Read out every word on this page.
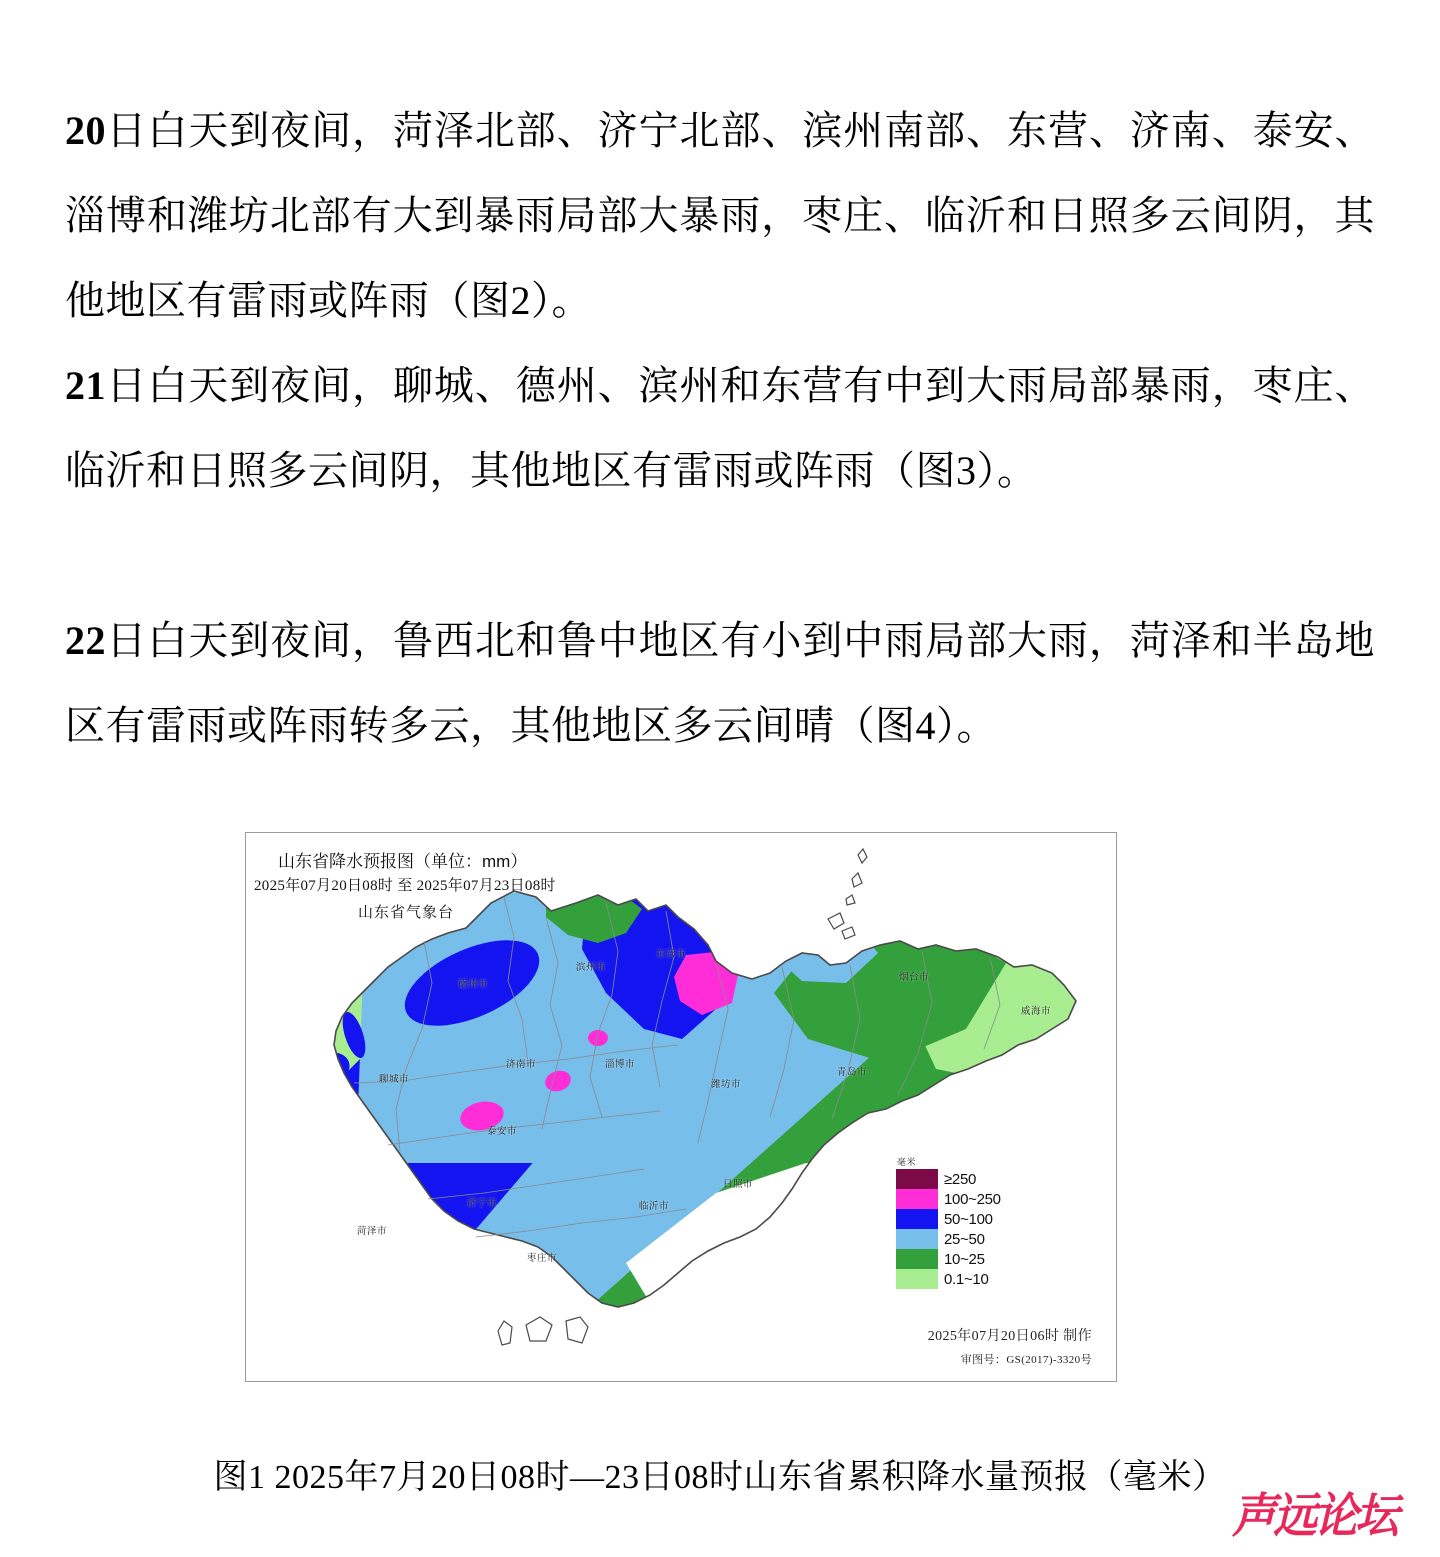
20日白天到夜间，菏泽北部、济宁北部、滨州南部、东营、济南、泰安、淄博和潍坊北部有大到暴雨局部大暴雨，枣庄、临沂和日照多云间阴，其他地区有雷雨或阵雨（图2）。

21日白天到夜间，聊城、德州、滨州和东营有中到大雨局部暴雨，枣庄、临沂和日照多云间阴，其他地区有雷雨或阵雨（图3）。

22日白天到夜间，鲁西北和鲁中地区有小到中雨局部大雨，菏泽和半岛地区有雷雨或阵雨转多云，其他地区多云间晴（图4）。

山东省降水预报图（单位：mm）
2025年07月20日08时 至 2025年07月23日08时
山东省气象台
毫米
≥250
100~250
50~100
25~50
10~25
0.1~10
德州市
滨州市
东营市
聊城市
济南市	淄博市
泰安市
潍坊市
烟台市
威海市
青岛市
济宁市
菏泽市
枣庄市
临沂市
日照市
2025年07月20日06时 制作
审图号：GS(2017)-3320号
图1 2025年7月20日08时—23日08时山东省累积降水量预报（毫米）
声远论坛
